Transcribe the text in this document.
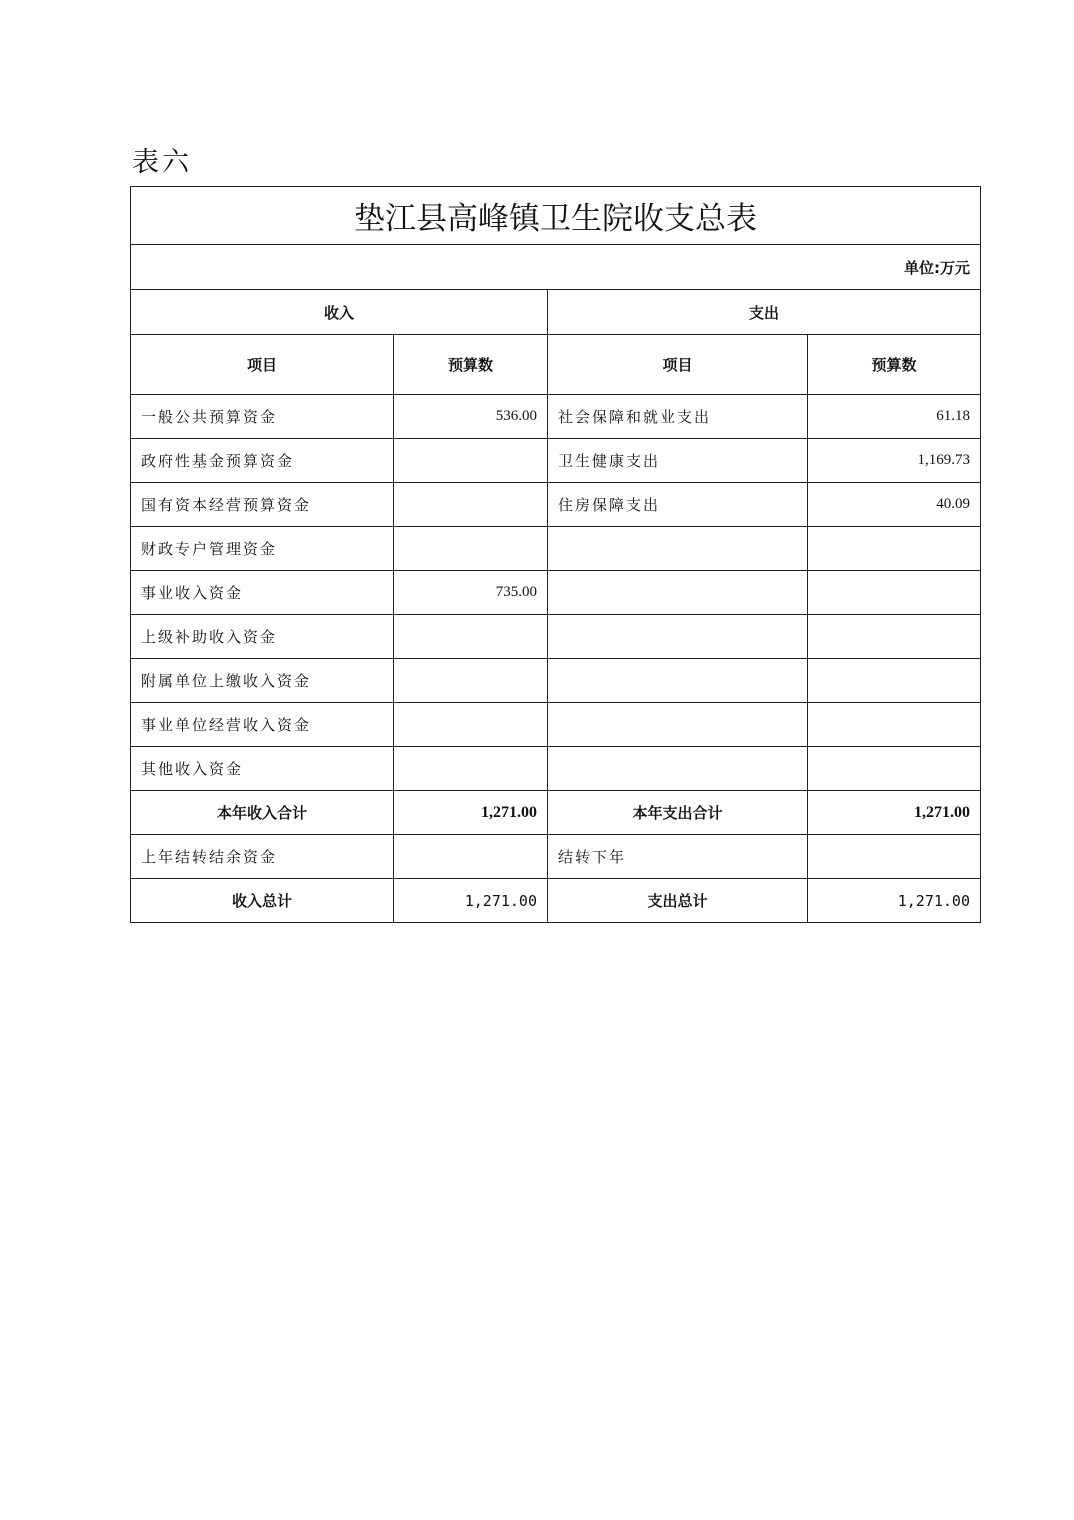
表六
垫江县高峰镇卫生院收支总表			
单位:万元			
收入		支出	
项目	预算数	项目	预算数
一般公共预算资金	536.00	社会保障和就业支出	61.18
政府性基金预算资金		卫生健康支出	1,169.73
国有资本经营预算资金		住房保障支出	40.09
财政专户管理资金			
事业收入资金	735.00		
上级补助收入资金			
附属单位上缴收入资金			
事业单位经营收入资金			
其他收入资金			
本年收入合计	1,271.00	本年支出合计	1,271.00
上年结转结余资金		结转下年	
收入总计	1,271.00	支出总计	1,271.00
